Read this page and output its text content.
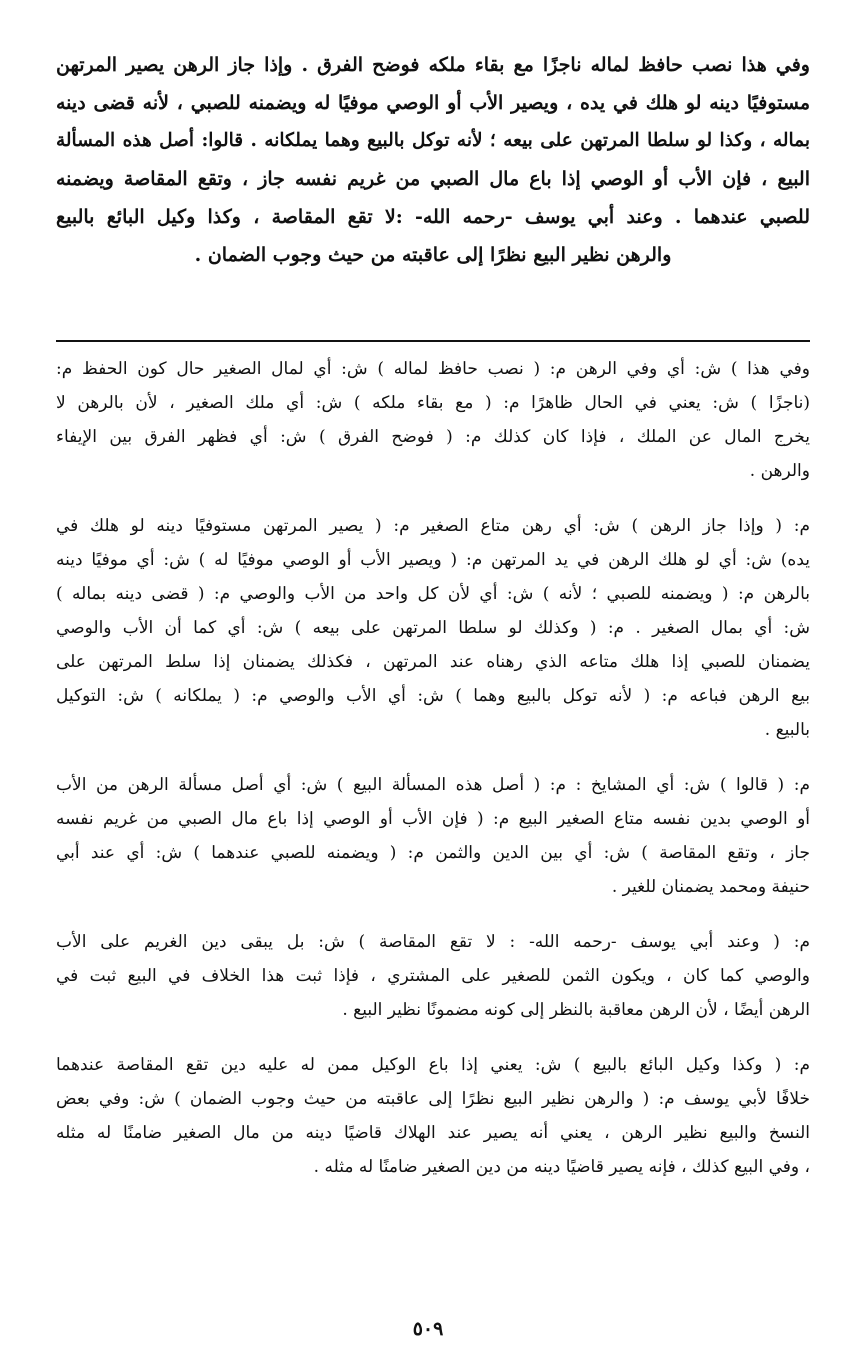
وفي هذا نصب حافظ لماله ناجزًا مع بقاء ملكه فوضح الفرق . وإذا جاز الرهن يصير المرتهن
مستوفيًا دينه لو هلك في يده ، ويصير الأب أو الوصي موفيًا له ويضمنه للصبي ، لأنه قضى دينه
بماله ، وكذا لو سلطا المرتهن على بيعه ؛ لأنه توكل بالبيع وهما يملكانه . قالوا: أصل هذه المسألة
البيع ، فإن الأب أو الوصي إذا باع مال الصبي من غريم نفسه جاز ، وتقع المقاصة ويضمنه
للصبي عندهما . وعند أبي يوسف -رحمه الله- :لا تقع المقاصة ، وكذا وكيل البائع بالبيع
والرهن نظير البيع نظرًا إلى عاقبته من حيث وجوب الضمان .
وفي هذا ) ش: أي وفي الرهن م: ( نصب حافظ لماله ) ش: أي لمال الصغير حال كون الحفظ م:
(ناجزًا ) ش: يعني في الحال ظاهرًا م: ( مع بقاء ملكه ) ش: أي ملك الصغير ، لأن بالرهن لا
يخرج المال عن الملك ، فإذا كان كذلك م: ( فوضح الفرق ) ش: أي فظهر الفرق بين الإيفاء
والرهن .
م: ( وإذا جاز الرهن ) ش: أي رهن متاع الصغير م: ( يصير المرتهن مستوفيًا دينه لو هلك في
يده) ش: أي لو هلك الرهن في يد المرتهن م: ( ويصير الأب أو الوصي موفيًا له ) ش: أي موفيًا دينه
بالرهن م: ( ويضمنه للصبي ؛ لأنه ) ش: أي لأن كل واحد من الأب والوصي م: ( قضى دينه بماله )
ش: أي بمال الصغير . م: ( وكذلك لو سلطا المرتهن على بيعه ) ش: أي كما أن الأب والوصي
يضمنان للصبي إذا هلك متاعه الذي رهناه عند المرتهن ، فكذلك يضمنان إذا سلط المرتهن على
بيع الرهن فباعه م: ( لأنه توكل بالبيع وهما ) ش: أي الأب والوصي م: ( يملكانه ) ش: التوكيل
بالبيع .
م: ( قالوا ) ش: أي المشايخ : م: ( أصل هذه المسألة البيع ) ش: أي أصل مسألة الرهن من الأب
أو الوصي بدين نفسه متاع الصغير البيع م: ( فإن الأب أو الوصي إذا باع مال الصبي من غريم نفسه
جاز ، وتقع المقاصة ) ش: أي بين الدين والثمن م: ( ويضمنه للصبي عندهما ) ش: أي عند أبي
حنيفة ومحمد يضمنان للغير .
م: ( وعند أبي يوسف -رحمه الله- : لا تقع المقاصة ) ش: بل يبقى دين الغريم على الأب
والوصي كما كان ، ويكون الثمن للصغير على المشتري ، فإذا ثبت هذا الخلاف في البيع ثبت في
الرهن أيضًا ، لأن الرهن معاقبة بالنظر إلى كونه مضمونًا نظير البيع .
م: ( وكذا وكيل البائع بالبيع ) ش: يعني إذا باع الوكيل ممن له عليه دين تقع المقاصة عندهما
خلافًا لأبي يوسف م: ( والرهن نظير البيع نظرًا إلى عاقبته من حيث وجوب الضمان ) ش: وفي بعض
النسخ والبيع نظير الرهن ، يعني أنه يصير عند الهلاك قاضيًا دينه من مال الصغير ضامنًا له مثله
، وفي البيع كذلك ، فإنه يصير قاضيًا دينه من دين الصغير ضامنًا له مثله .
٥٠٩
